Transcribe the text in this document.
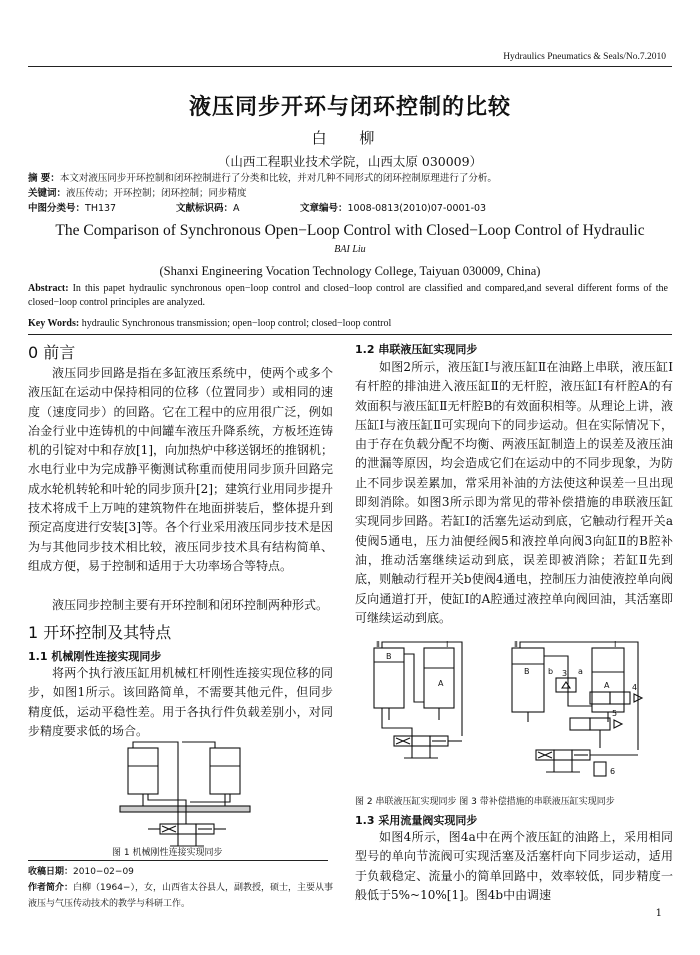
Hydraulics Pneumatics & Seals/No.7.2010
液压同步开环与闭环控制的比较
白 柳
（山西工程职业技术学院，山西太原 030009）
摘 要：本文对液压同步开环控制和闭环控制进行了分类和比较，并对几种不同形式的闭环控制原理进行了分析。
关键词：液压传动；开环控制；闭环控制；同步精度
中图分类号：TH137	文献标识码：A	文章编号：1008-0813(2010)07-0001-03
The Comparison of Synchronous Open−Loop Control with Closed−Loop Control of Hydraulic
BAI Liu
(Shanxi Engineering Vocation Technology College, Taiyuan 030009, China)
Abstract: In this papet hydraulic synchronous open−loop control and closed−loop control are classified and compared,and several different forms of the closed−loop control principles are analyzed.
Key Words: hydraulic Synchronous transmission; open−loop control; closed−loop control
0 前言
液压同步回路是指在多缸液压系统中，使两个或多个液压缸在运动中保持相同的位移（位置同步）或相同的速度（速度同步）的回路。它在工程中的应用很广泛，例如冶金行业中连铸机的中间罐车液压升降系统，方板坯连铸机的引锭对中和存放[1]，向加热炉中移送钢坯的推钢机；水电行业中为完成静平衡测试称重而使用同步顶升回路完成水轮机转轮和叶轮的同步顶升[2]；建筑行业用同步提升技术将成千上万吨的建筑物件在地面拼装后，整体提升到预定高度进行安装[3]等。各个行业采用液压同步技术是因为与其他同步技术相比较，液压同步技术具有结构简单、组成方便，易于控制和适用于大功率场合等特点。
液压同步控制主要有开环控制和闭环控制两种形式。
1 开环控制及其特点
1.1 机械刚性连接实现同步
将两个执行液压缸用机械杠杆刚性连接实现位移的同步，如图1所示。该回路简单，不需要其他元件，但同步精度低，运动平稳性差。用于各执行件负载差别小，对同步精度要求低的场合。
图 1 机械刚性连接实现同步
收稿日期：2010−02−09
作者简介：白柳（1964−），女，山西省太谷县人，副教授，硕士，主要从事液压与气压传动技术的教学与科研工作。
1.2 串联液压缸实现同步
如图2所示，液压缸Ⅰ与液压缸Ⅱ在油路上串联，液压缸Ⅰ有杆腔的排油进入液压缸Ⅱ的无杆腔，液压缸Ⅰ有杆腔A的有效面积与液压缸Ⅱ无杆腔B的有效面积相等。从理论上讲，液压缸Ⅰ与液压缸Ⅱ可实现向下的同步运动。但在实际情况下，由于存在负载分配不均衡、两液压缸制造上的误差及液压油的泄漏等原因，均会造成它们在运动中的不同步现象，为防止不同步误差累加，常采用补油的方法使这种误差一旦出现即刻消除。如图3所示即为常见的带补偿措施的串联液压缸实现同步回路。若缸Ⅰ的活塞先运动到底，它触动行程开关a使阀5通电，压力油便经阀5和液控单向阀3向缸Ⅱ的B腔补油，推动活塞继续运动到底，误差即被消除；若缸Ⅱ先到底，则触动行程开关b使阀4通电，控制压力油使液控单向阀反向通道打开，使缸Ⅰ的A腔通过液控单向阀回油，其活塞即可继续运动到底。
Ⅱ	Ⅰ
B
A
Ⅱ	Ⅰ
B
A
b	a
3
4
5
6
图 2 串联液压缸实现同步 图 3 带补偿措施的串联液压缸实现同步
1.3 采用流量阀实现同步
如图4所示，图4a中在两个液压缸的油路上，采用相同型号的单向节流阀可实现活塞及活塞杆向下同步运动，适用于负载稳定、流量小的简单回路中，效率较低，同步精度一般低于5%~10%[1]。图4b中由调速
1
